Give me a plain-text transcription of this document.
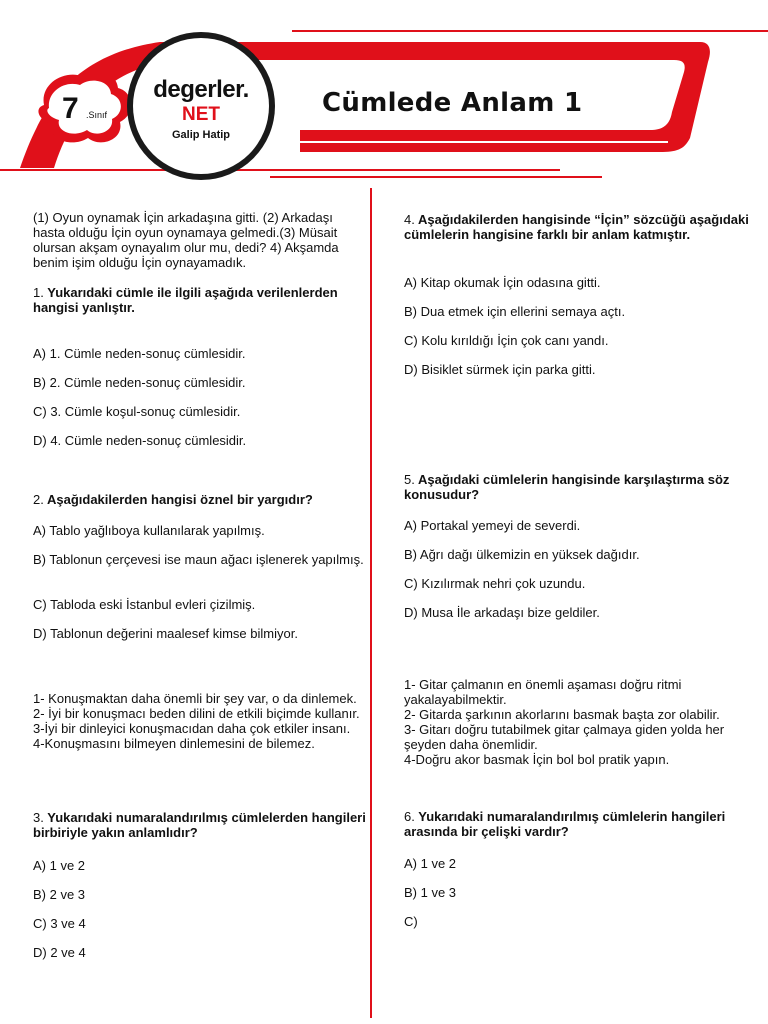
7 .Sınıf
degerler.
NET
Galip Hatip
Cümlede Anlam 1

(1) Oyun oynamak İçin arkadaşına gitti. (2) Arkadaşı hasta olduğu İçin oyun oynamaya gelmedi.(3) Müsait olursan akşam oynayalım olur mu, dedi? 4) Akşamda benim işim olduğu İçin oynayamadık.

1. Yukarıdaki cümle ile ilgili aşağıda verilenlerden hangisi yanlıştır.

A) 1. Cümle neden-sonuç cümlesidir.
B) 2. Cümle neden-sonuç cümlesidir.
C) 3. Cümle koşul-sonuç cümlesidir.
D) 4. Cümle neden-sonuç cümlesidir.

2. Aşağıdakilerden hangisi öznel bir yargıdır?

A) Tablo yağlıboya kullanılarak yapılmış.
B) Tablonun çerçevesi ise maun ağacı işlenerek yapılmış.
C) Tabloda eski İstanbul evleri çizilmiş.
D) Tablonun değerini maalesef kimse bilmiyor.

1- Konuşmaktan daha önemli bir şey var, o da dinlemek.

2- İyi bir konuşmacı beden dilini de etkili biçimde kullanır.

3-İyi bir dinleyici konuşmacıdan daha çok etkiler insanı.

4-Konuşmasını bilmeyen dinlemesini de bilemez.

3. Yukarıdaki numaralandırılmış cümlelerden hangileri birbiriyle yakın anlamlıdır?

A) 1 ve 2
B) 2 ve 3
C) 3 ve 4
D) 2 ve 4

4. Aşağıdakilerden hangisinde “İçin” sözcüğü aşağıdaki cümlelerin hangisine farklı bir anlam katmıştır.

A) Kitap okumak İçin odasına gitti.
B) Dua etmek için ellerini semaya açtı.
C) Kolu kırıldığı İçin çok canı yandı.
D) Bisiklet sürmek için parka gitti.

5. Aşağıdaki cümlelerin hangisinde karşılaştırma söz konusudur?

A) Portakal yemeyi de severdi.
B) Ağrı dağı ülkemizin en yüksek dağıdır.
C) Kızılırmak nehri çok uzundu.
D) Musa İle arkadaşı bize geldiler.

1- Gitar çalmanın en önemli aşaması doğru ritmi yakalayabilmektir.

2- Gitarda şarkının akorlarını basmak başta zor olabilir.

3- Gitarı doğru tutabilmek gitar çalmaya giden yolda her şeyden daha önemlidir.

4-Doğru akor basmak İçin bol bol pratik yapın.

6. Yukarıdaki numaralandırılmış cümlelerin hangileri arasında bir çelişki vardır?

A) 1 ve 2
B) 1 ve 3
C)
